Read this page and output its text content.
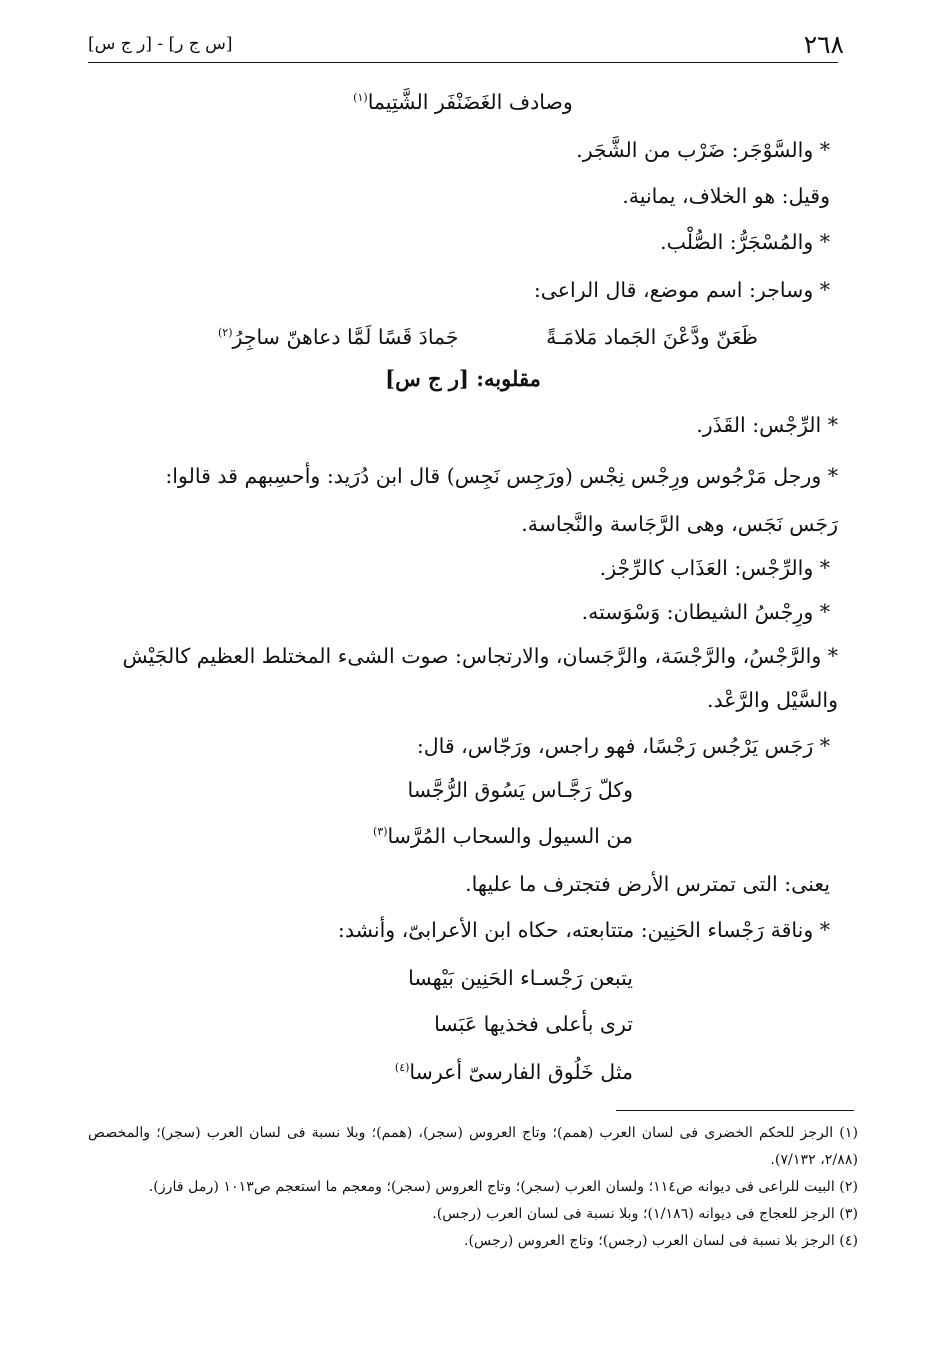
٢٦٨
[س ج ر] - [ر ج س]

وصادف الغَضَنْفَر الشَّتِيما$^{(١)}$

* والسَّوْجَر: ضَرْب من الشَّجَر.

وقيل: هو الخلاف، يمانية.

* والمُسْجَرُّ: الصُّلْب.

* وساجر: اسم موضع، قال الراعى:

ظَعَنّ ودَّعْنَ الجَماد مَلامَـةً
جَمادَ قَسًا لَمَّا دعاهنّ ساجِرُ$^{(٢)}$

مقلوبه: [ر ج س]

* الرِّجْس: القَذَر.

* ورجل مَرْجُوس ورِجْس نِجْس (ورَجِس نَجِس) قال ابن دُرَيد: وأحسِبهم قد قالوا:

رَجَس نَجَس، وهى الرَّجَاسة والنَّجاسة.

* والرِّجْس: العَذَاب كالرِّجْز.

* ورِجْسُ الشيطان: وَسْوَسته.

* والرَّجْسُ، والرَّجْسَة، والرَّجَسان، والارتجاس: صوت الشىء المختلط العظيم كالجَيْش

والسَّيْل والرَّعْد.

* رَجَس يَرْجُس رَجْسًا، فهو راجس، ورَجّاس، قال:

وكلّ رَجَّـاس يَسُوق الرُّجَّسا

من السيول والسحاب المُرَّسا$^{(٣)}$

يعنى: التى تمترس الأرض فتجترف ما عليها.

* وناقة رَجْساء الحَنِين: متتابعته، حكاه ابن الأعرابىّ، وأنشد:

يتبعن رَجْسـاء الحَنِين بَيْهسا

ترى بأعلى فخذيها عَبَسا

مثل خَلُوق الفارسىّ أعرسا$^{(٤)}$

(١) الرجز للحكم الخضرى فى لسان العرب (همم)؛ وتاج العروس (سجر)، (همم)؛ وبلا نسبة فى لسان العرب (سجر)؛ والمخصص (٢/٨٨، ٧/١٣٢).

(٢) البيت للراعى فى ديوانه ص١١٤؛ ولسان العرب (سجر)؛ وتاج العروس (سجر)؛ ومعجم ما استعجم ص١٠١٣ (رمل فارز).

(٣) الرجز للعجاج فى ديوانه (١/١٨٦)؛ وبلا نسبة فى لسان العرب (رجس).

(٤) الرجز بلا نسبة فى لسان العرب (رجس)؛ وتاج العروس (رجس).
